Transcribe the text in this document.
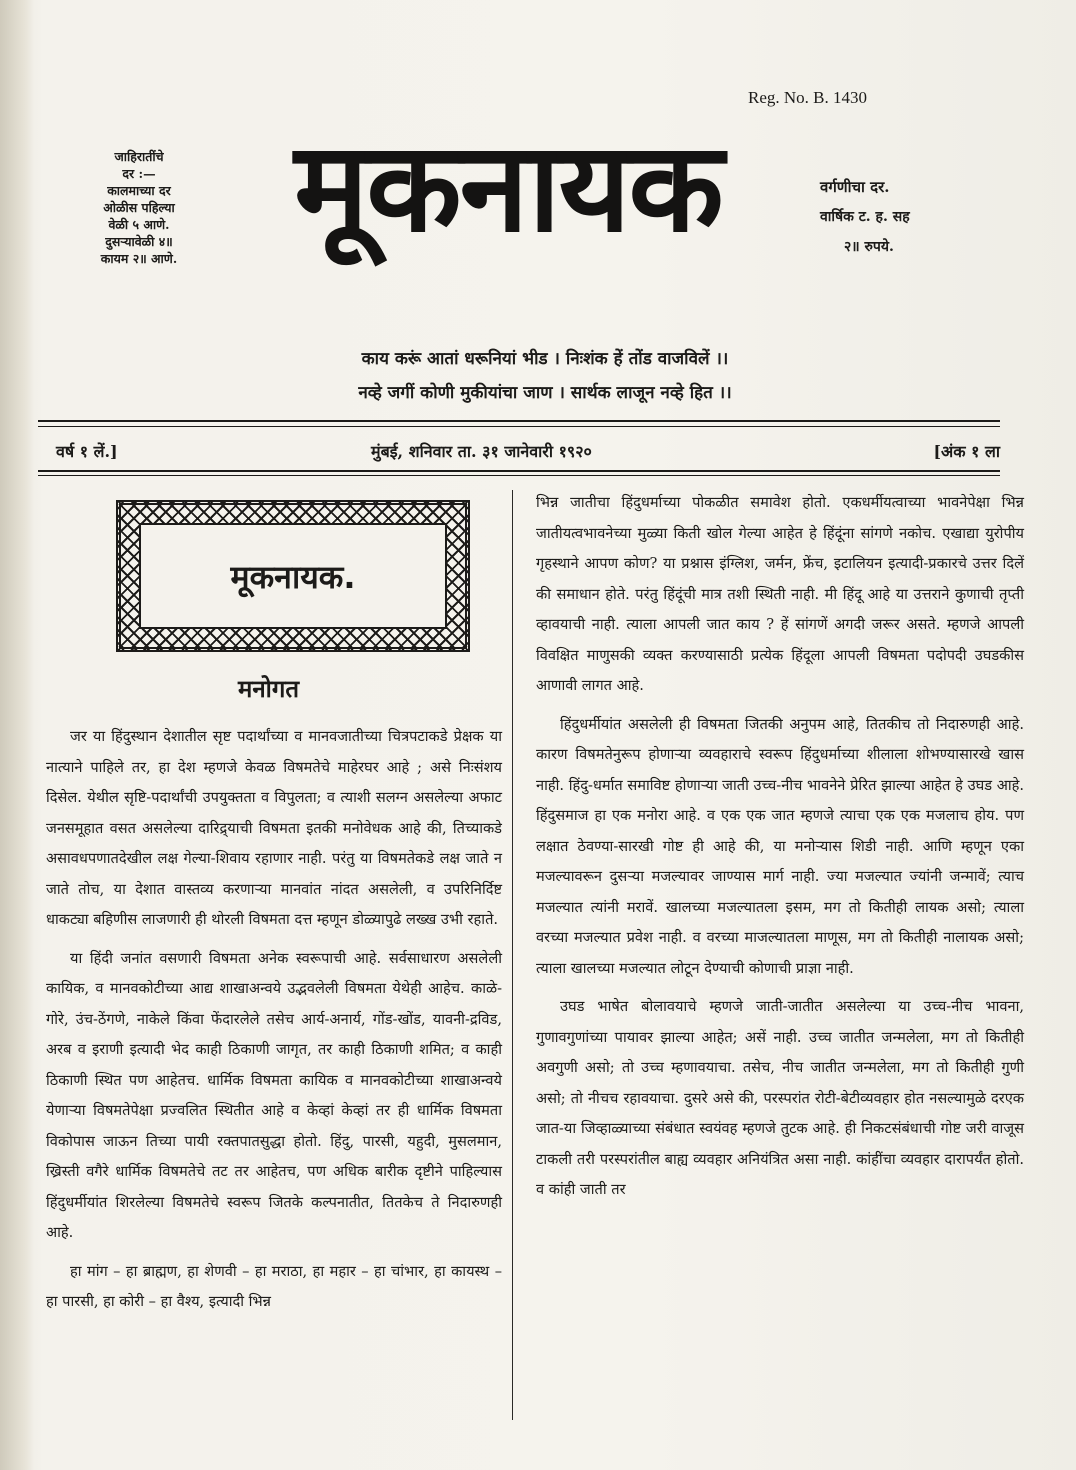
Reg. No. B. 1430
जाहिरातींचे
दर :—
कालमाच्या दर
ओळीस पहिल्या
वेळी ५ आणे.
दुसऱ्यावेळी ४॥
कायम २॥ आणे. मूकनायक	वर्गणीचा दर.
वार्षिक ट. ह. सह
२॥ रुपये.
काय करूं आतां धरूनियां भीड । निःशंक हें तोंड वाजविलें ।।
नव्हे जगीं कोणी मुकीयांचा जाण । सार्थक लाजून नव्हे हित ।।
वर्ष १ लें.]	मुंबई, शनिवार ता. ३१ जानेवारी १९२०	[अंक १ ला
मूकनायक.
मनोगत

जर या हिंदुस्थान देशातील सृष्ट पदार्थांच्या व मानवजातीच्या चित्रपटाकडे प्रेक्षक या नात्याने पाहिले तर, हा देश म्हणजे केवळ विषमतेचे माहेरघर आहे ; असे निःसंशय दिसेल. येथील सृष्टि-पदार्थांची उपयुक्तता व विपुलता; व त्याशी सलग्न असलेल्या अफाट जनसमूहात वसत असलेल्या दारिद्र्याची विषमता इतकी मनोवेधक आहे की, तिच्याकडे असावधपणातदेखील लक्ष गेल्या-शिवाय रहाणार नाही. परंतु या विषमतेकडे लक्ष जाते न जाते तोच, या देशात वास्तव्य करणाऱ्या मानवांत नांदत असलेली, व उपरिनिर्दिष्ट धाकट्या बहिणीस लाजणारी ही थोरली विषमता दत्त म्हणून डोळ्यापुढे लख्ख उभी रहाते.

या हिंदी जनांत वसणारी विषमता अनेक स्वरूपाची आहे. सर्वसाधारण असलेली कायिक, व मानवकोटीच्या आद्य शाखाअन्वये उद्भवलेली विषमता येथेही आहेच. काळे-गोरे, उंच-ठेंगणे, नाकेले किंवा फेंदारलेले तसेच आर्य-अनार्य, गोंड-खोंड, यावनी-द्रविड, अरब व इराणी इत्यादी भेद काही ठिकाणी जागृत, तर काही ठिकाणी शमित; व काही ठिकाणी स्थित पण आहेतच. धार्मिक विषमता कायिक व मानवकोटीच्या शाखाअन्वये येणाऱ्या विषमतेपेक्षा प्रज्वलित स्थितीत आहे व केव्हां केव्हां तर ही धार्मिक विषमता विकोपास जाऊन तिच्या पायी रक्तपातसुद्धा होतो. हिंदु, पारसी, यहुदी, मुसलमान, ख्रिस्ती वगैरे धार्मिक विषमतेचे तट तर आहेतच, पण अधिक बारीक दृष्टीने पाहिल्यास हिंदुधर्मीयांत शिरलेल्या विषमतेचे स्वरूप जितके कल्पनातीत, तितकेच ते निदारुणही आहे.

हा मांग – हा ब्राह्मण, हा शेणवी – हा मराठा, हा महार – हा चांभार, हा कायस्थ – हा पारसी, हा कोरी – हा वैश्य, इत्यादी भिन्न

भिन्न जातीचा हिंदुधर्माच्या पोकळीत समावेश होतो. एकधर्मीयत्वाच्या भावनेपेक्षा भिन्न जातीयत्वभावनेच्या मुळ्या किती खोल गेल्या आहेत हे हिंदूंना सांगणे नकोच. एखाद्या युरोपीय गृहस्थाने आपण कोण? या प्रश्नास इंग्लिश, जर्मन, फ्रेंच, इटालियन इत्यादी-प्रकारचे उत्तर दिलें की समाधान होते. परंतु हिंदूंची मात्र तशी स्थिती नाही. मी हिंदू आहे या उत्तराने कुणाची तृप्ती व्हावयाची नाही. त्याला आपली जात काय ? हें सांगणें अगदी जरूर असते. म्हणजे आपली विवक्षित माणुसकी व्यक्त करण्यासाठी प्रत्येक हिंदूला आपली विषमता पदोपदी उघडकीस आणावी लागत आहे.

हिंदुधर्मीयांत असलेली ही विषमता जितकी अनुपम आहे, तितकीच तो निदारुणही आहे. कारण विषमतेनुरूप होणाऱ्या व्यवहाराचे स्वरूप हिंदुधर्माच्या शीलाला शोभण्यासारखे खास नाही. हिंदु-धर्मात समाविष्ट होणाऱ्या जाती उच्च-नीच भावनेने प्रेरित झाल्या आहेत हे उघड आहे. हिंदुसमाज हा एक मनोरा आहे. व एक एक जात म्हणजे त्याचा एक एक मजलाच होय. पण लक्षात ठेवण्या-सारखी गोष्ट ही आहे की, या मनोऱ्यास शिडी नाही. आणि म्हणून एका मजल्यावरून दुसऱ्या मजल्यावर जाण्यास मार्ग नाही. ज्या मजल्यात ज्यांनी जन्मावें; त्याच मजल्यात त्यांनी मरावें. खालच्या मजल्यातला इसम, मग तो कितीही लायक असो; त्याला वरच्या मजल्यात प्रवेश नाही. व वरच्या माजल्यातला माणूस, मग तो कितीही नालायक असो; त्याला खालच्या मजल्यात लोटून देण्याची कोणाची प्राज्ञा नाही.

उघड भाषेत बोलावयाचे म्हणजे जाती-जातीत असलेल्या या उच्च-नीच भावना, गुणावगुणांच्या पायावर झाल्या आहेत; असें नाही. उच्च जातीत जन्मलेला, मग तो कितीही अवगुणी असो; तो उच्च म्हणावयाचा. तसेच, नीच जातीत जन्मलेला, मग तो कितीही गुणी असो; तो नीचच रहावयाचा. दुसरे असे की, परस्परांत रोटी-बेटीव्यवहार होत नसल्यामुळे दरएक जात-या जिव्हाळ्याच्या संबंधात स्वयंवह म्हणजे तुटक आहे. ही निकटसंबंधाची गोष्ट जरी वाजूस टाकली तरी परस्परांतील बाह्य व्यवहार अनियंत्रित असा नाही. कांहींचा व्यवहार दारापर्यंत होतो. व कांही जाती तर
